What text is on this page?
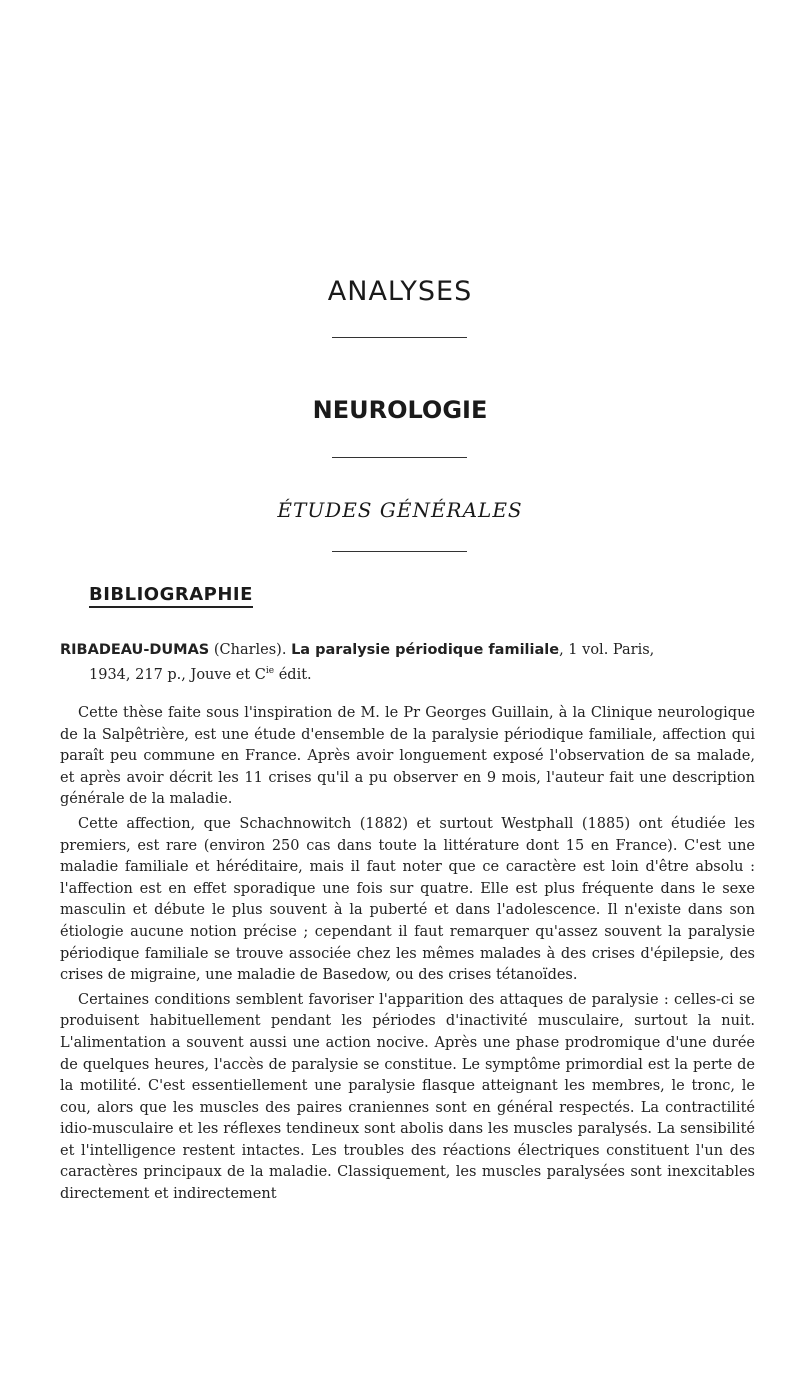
ANALYSES
NEUROLOGIE
ÉTUDES GÉNÉRALES
BIBLIOGRAPHIE
RIBADEAU-DUMAS (Charles). La paralysie périodique familiale, 1 vol. Paris,
1934, 217 p., Jouve et $C^{ie}$ édit.

Cette thèse faite sous l'inspiration de M. le Pr Georges Guillain, à la Clinique neurologique de la Salpêtrière, est une étude d'ensemble de la paralysie périodique familiale, affection qui paraît peu commune en France. Après avoir longuement exposé l'observation de sa malade, et après avoir décrit les 11 crises qu'il a pu observer en 9 mois, l'auteur fait une description générale de la maladie.

Cette affection, que Schachnowitch (1882) et surtout Westphall (1885) ont étudiée les premiers, est rare (environ 250 cas dans toute la littérature dont 15 en France). C'est une maladie familiale et héréditaire, mais il faut noter que ce caractère est loin d'être absolu : l'affection est en effet sporadique une fois sur quatre. Elle est plus fréquente dans le sexe masculin et débute le plus souvent à la puberté et dans l'adolescence. Il n'existe dans son étiologie aucune notion précise ; cependant il faut remarquer qu'assez souvent la paralysie périodique familiale se trouve associée chez les mêmes malades à des crises d'épilepsie, des crises de migraine, une maladie de Basedow, ou des crises tétanoïdes.

Certaines conditions semblent favoriser l'apparition des attaques de paralysie : celles-ci se produisent habituellement pendant les périodes d'inactivité musculaire, surtout la nuit. L'alimentation a souvent aussi une action nocive. Après une phase prodromique d'une durée de quelques heures, l'accès de paralysie se constitue. Le symptôme primordial est la perte de la motilité. C'est essentiellement une paralysie flasque atteignant les membres, le tronc, le cou, alors que les muscles des paires craniennes sont en général respectés. La contractilité idio-musculaire et les réflexes tendineux sont abolis dans les muscles paralysés. La sensibilité et l'intelligence restent intactes. Les troubles des réactions électriques constituent l'un des caractères principaux de la maladie. Classiquement, les muscles paralysées sont inexcitables directement et indirectement
